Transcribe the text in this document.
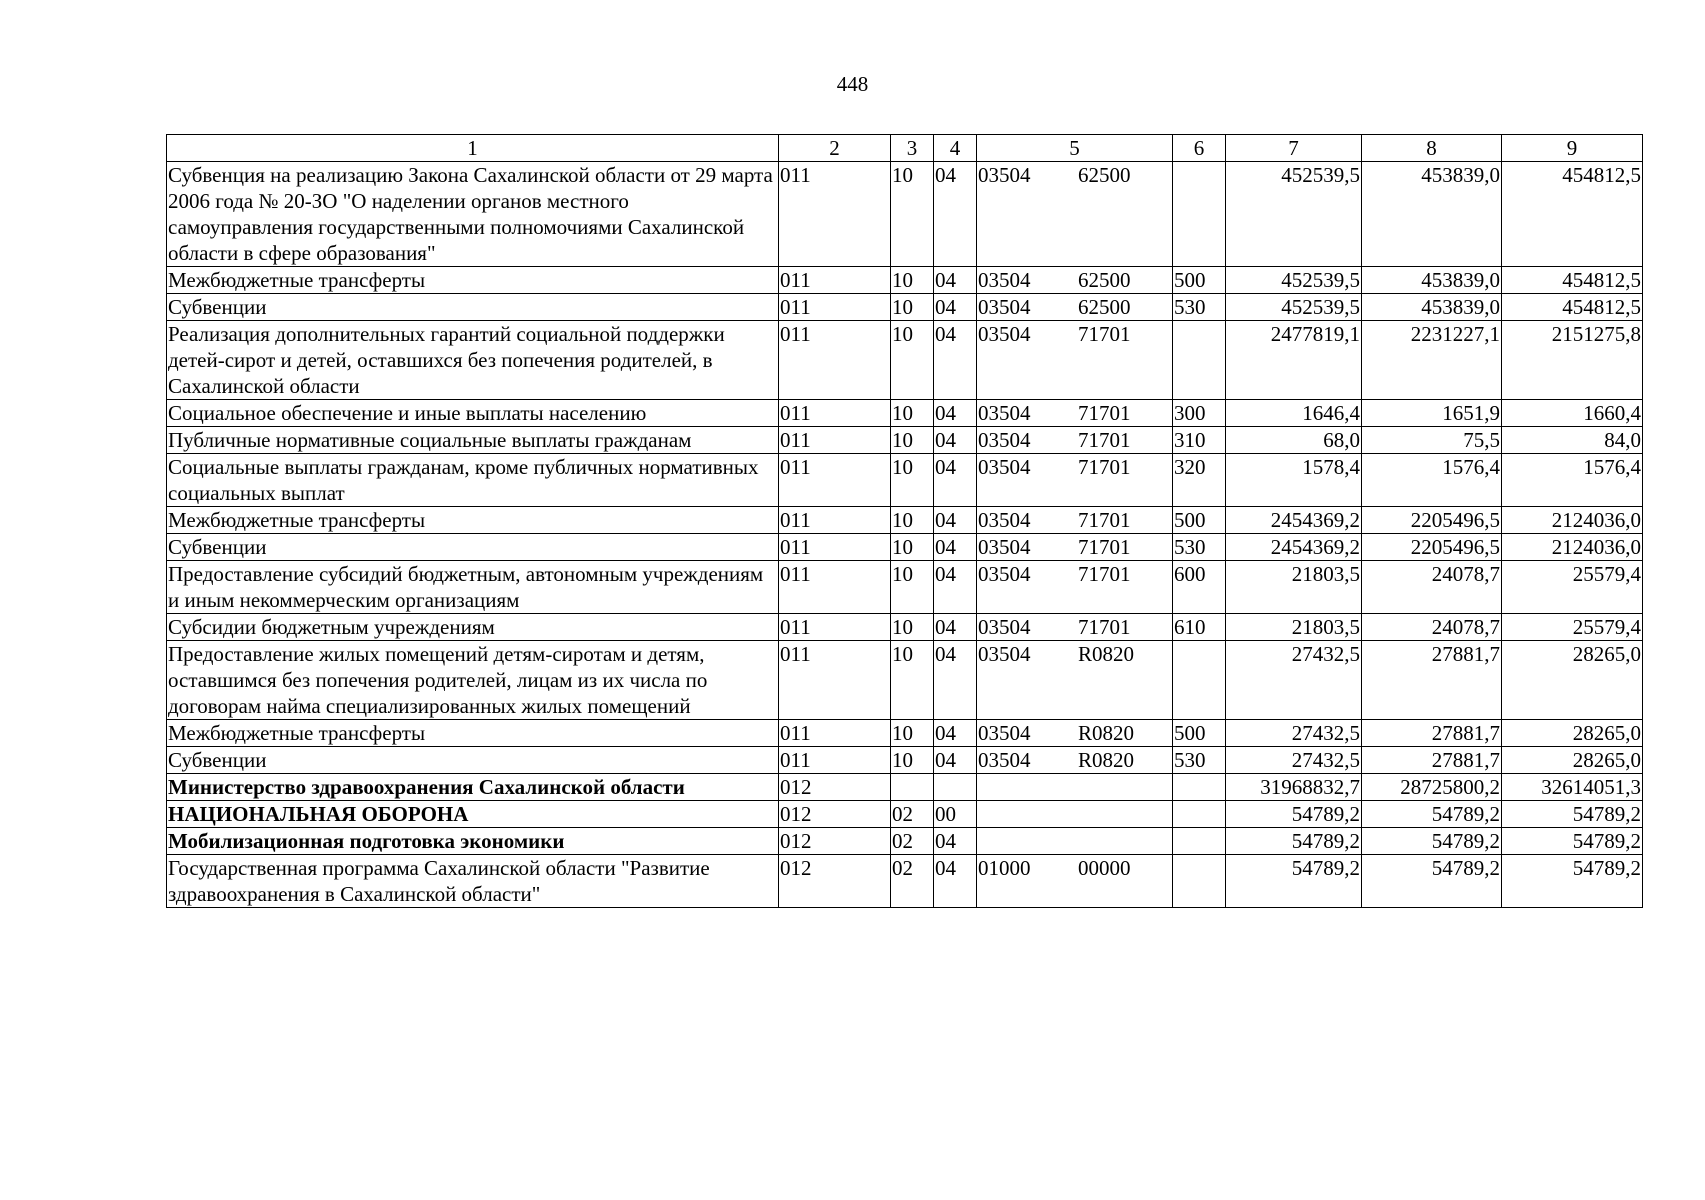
448
1	2	3	4	5	6	7	8	9
Субвенция на реализацию Закона Сахалинской области от 29 марта 2006 года № 20-ЗО "О наделении органов местного самоуправления государственными полномочиями Сахалинской области в сфере образования"	011	10	04	03504 62500		452539,5	453839,0	454812,5
Межбюджетные трансферты	011	10	04	03504 62500	500	452539,5	453839,0	454812,5
Субвенции	011	10	04	03504 62500	530	452539,5	453839,0	454812,5
Реализация дополнительных гарантий социальной поддержки детей-сирот и детей, оставшихся без попечения родителей, в Сахалинской области	011	10	04	03504 71701		2477819,1	2231227,1	2151275,8
Социальное обеспечение и иные выплаты населению	011	10	04	03504 71701	300	1646,4	1651,9	1660,4
Публичные нормативные социальные выплаты гражданам	011	10	04	03504 71701	310	68,0	75,5	84,0
Социальные выплаты гражданам, кроме публичных нормативных социальных выплат	011	10	04	03504 71701	320	1578,4	1576,4	1576,4
Межбюджетные трансферты	011	10	04	03504 71701	500	2454369,2	2205496,5	2124036,0
Субвенции	011	10	04	03504 71701	530	2454369,2	2205496,5	2124036,0
Предоставление субсидий бюджетным, автономным учреждениям и иным некоммерческим организациям	011	10	04	03504 71701	600	21803,5	24078,7	25579,4
Субсидии бюджетным учреждениям	011	10	04	03504 71701	610	21803,5	24078,7	25579,4
Предоставление жилых помещений детям-сиротам и детям, оставшимся без попечения родителей, лицам из их числа по договорам найма специализированных жилых помещений	011	10	04	03504 R0820		27432,5	27881,7	28265,0
Межбюджетные трансферты	011	10	04	03504 R0820	500	27432,5	27881,7	28265,0
Субвенции	011	10	04	03504 R0820	530	27432,5	27881,7	28265,0
Министерство здравоохранения Сахалинской области	012					31968832,7	28725800,2	32614051,3
НАЦИОНАЛЬНАЯ ОБОРОНА	012	02	00			54789,2	54789,2	54789,2
Мобилизационная подготовка экономики	012	02	04			54789,2	54789,2	54789,2
Государственная программа Сахалинской области "Развитие здравоохранения в Сахалинской области"	012	02	04	01000 00000		54789,2	54789,2	54789,2
